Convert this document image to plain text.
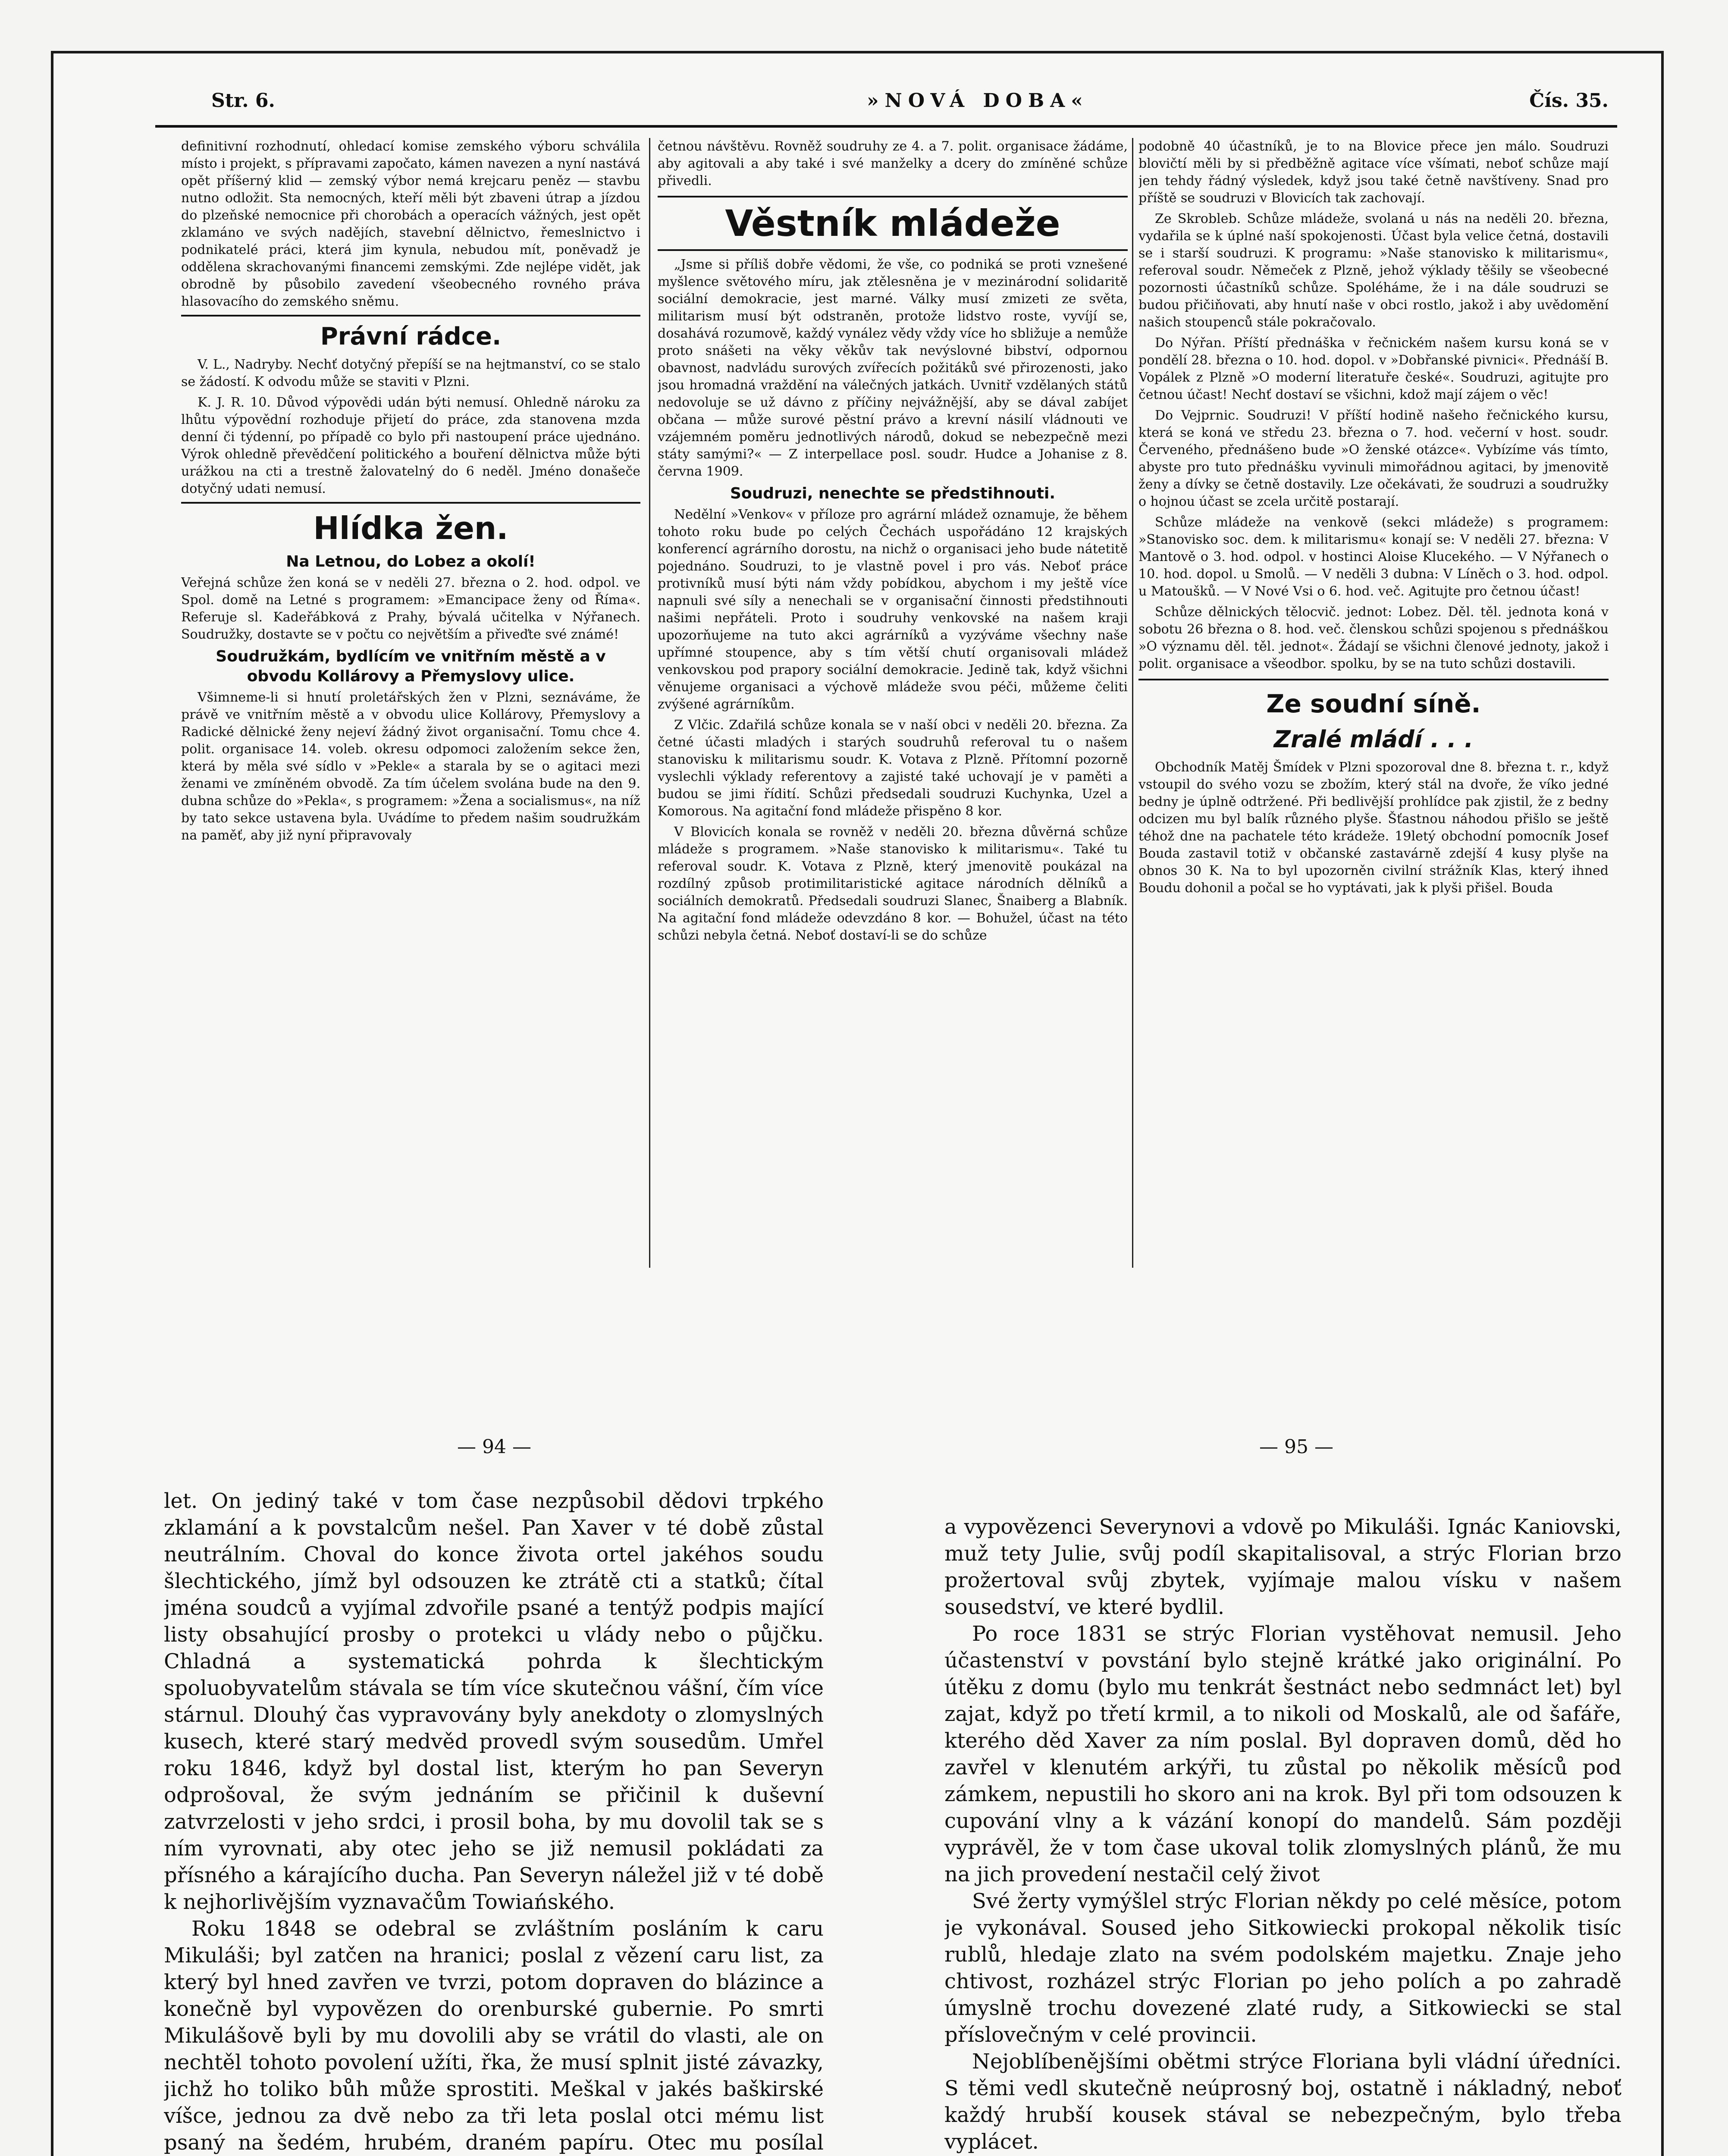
Str. 6.	»NOVÁ DOBA«	Čís. 35.

definitivní rozhodnutí, ohledací komise zemského výboru schválila místo i projekt, s přípravami započato, kámen navezen a nyní nastává opět příšerný klid — zemský výbor nemá krejcaru peněz — stavbu nutno odložit. Sta nemocných, kteří měli být zbaveni útrap a jízdou do plzeňské nemocnice při chorobách a operacích vážných, jest opět zklamáno ve svých nadějích, stavební dělnictvo, řemeslnictvo i podnikatelé práci, která jim kynula, nebudou mít, poněvadž je oddělena skrachovanými financemi zemskými. Zde nejlépe vidět, jak obrodně by působilo zavedení všeobecného rovného práva hlasovacího do zemského sněmu.

Právní rádce.

V. L., Nadryby. Nechť dotyčný přepíší se na hejtmanství, co se stalo se žádostí. K odvodu může se staviti v Plzni.

K. J. R. 10. Důvod výpovědi udán býti nemusí. Ohledně nároku za lhůtu výpovědní rozhoduje přijetí do práce, zda stanovena mzda denní či týdenní, po případě co bylo při nastoupení práce ujednáno. Výrok ohledně převědčení politického a bouření dělnictva může býti urážkou na cti a trestně žalovatelný do 6 neděl. Jméno donašeče dotyčný udati nemusí.

Hlídka žen.
Na Letnou, do Lobez a okolí!

Veřejná schůze žen koná se v neděli 27. března o 2. hod. odpol. ve Spol. domě na Letné s programem: »Emancipace ženy od Říma«. Referuje sl. Kadeřábková z Prahy, bývalá učitelka v Nýřanech. Soudružky, dostavte se v počtu co největším a přiveďte své známé!

Soudružkám, bydlícím ve vnitřním městě a v obvodu Kollárovy a Přemyslovy ulice.

Všimneme-li si hnutí proletářských žen v Plzni, seznáváme, že právě ve vnitřním městě a v obvodu ulice Kollárovy, Přemyslovy a Radické dělnické ženy nejeví žádný život organisační. Tomu chce 4. polit. organisace 14. voleb. okresu odpomoci založením sekce žen, která by měla své sídlo v »Pekle« a starala by se o agitaci mezi ženami ve zmíněném obvodě. Za tím účelem svolána bude na den 9. dubna schůze do »Pekla«, s programem: »Žena a socialismus«, na níž by tato sekce ustavena byla. Uvádíme to předem našim soudružkám na paměť, aby již nyní připravovaly

četnou návštěvu. Rovněž soudruhy ze 4. a 7. polit. organisace žádáme, aby agitovali a aby také i své manželky a dcery do zmíněné schůze přivedli.

Věstník mládeže

„Jsme si příliš dobře vědomi, že vše, co podniká se proti vznešené myšlence světového míru, jak ztělesněna je v mezinárodní solidaritě sociální demokracie, jest marné. Války musí zmizeti ze světa, militarism musí být odstraněn, protože lidstvo roste, vyvíjí se, dosahává rozumově, každý vynález vědy vždy více ho sbližuje a nemůže proto snášeti na věky věkův tak nevýslovné bibství, odpornou obavnost, nadvládu surových zvířecích požitáků své přirozenosti, jako jsou hromadná vraždění na válečných jatkách. Uvnitř vzdělaných států nedovoluje se už dávno z příčiny nejvážnější, aby se dával zabíjet občana — může surové pěstní právo a krevní násilí vládnouti ve vzájemném poměru jednotlivých národů, dokud se nebezpečně mezi státy samými?« — Z interpellace posl. soudr. Hudce a Johanise z 8. června 1909.

Soudruzi, nenechte se předstihnouti.

Nedělní »Venkov« v příloze pro agrární mládež oznamuje, že během tohoto roku bude po celých Čechách uspořádáno 12 krajských konferencí agrárního dorostu, na nichž o organisaci jeho bude nátetitě pojednáno. Soudruzi, to je vlastně povel i pro vás. Neboť práce protivníků musí býti nám vždy pobídkou, abychom i my ještě více napnuli své síly a nenechali se v organisační činnosti předstihnouti našimi nepřáteli. Proto i soudruhy venkovské na našem kraji upozorňujeme na tuto akci agrárníků a vyzýváme všechny naše upřímné stoupence, aby s tím větší chutí organisovali mládež venkovskou pod prapory sociální demokracie. Jedině tak, když všichni věnujeme organisaci a výchově mládeže svou péči, můžeme čeliti zvýšené agrárníkům.

Z Vlčic. Zdařilá schůze konala se v naší obci v neděli 20. března. Za četné účasti mladých i starých soudruhů referoval tu o našem stanovisku k militarismu soudr. K. Votava z Plzně. Přítomní pozorně vyslechli výklady referentovy a zajisté také uchovají je v paměti a budou se jimi řídití. Schůzi předsedali soudruzi Kuchynka, Uzel a Komorous. Na agitační fond mládeže přispěno 8 kor.

V Blovicích konala se rovněž v neděli 20. března důvěrná schůze mládeže s programem. »Naše stanovisko k militarismu«. Také tu referoval soudr. K. Votava z Plzně, který jmenovitě poukázal na rozdílný způsob protimilitaristické agitace národních dělníků a sociálních demokratů. Předsedali soudruzi Slanec, Šnaiberg a Blabník. Na agitační fond mládeže odevzdáno 8 kor. — Bohužel, účast na této schůzi nebyla četná. Neboť dostaví-li se do schůze

podobně 40 účastníků, je to na Blovice přece jen málo. Soudruzi blovičtí měli by si předběžně agitace více všímati, neboť schůze mají jen tehdy řádný výsledek, když jsou také četně navštíveny. Snad pro příště se soudruzi v Blovicích tak zachovají.

Ze Skrobleb. Schůze mládeže, svolaná u nás na neděli 20. března, vydařila se k úplné naší spokojenosti. Účast byla velice četná, dostavili se i starší soudruzi. K programu: »Naše stanovisko k militarismu«, referoval soudr. Němeček z Plzně, jehož výklady těšily se všeobecné pozornosti účastníků schůze. Spoléháme, že i na dále soudruzi se budou přičiňovati, aby hnutí naše v obci rostlo, jakož i aby uvědomění našich stoupenců stále pokračovalo.

Do Nýřan. Příští přednáška v řečnickém našem kursu koná se v pondělí 28. března o 10. hod. dopol. v »Dobřanské pivnici«. Přednáší B. Vopálek z Plzně »O moderní literatuře české«. Soudruzi, agitujte pro četnou účast! Nechť dostaví se všichni, kdož mají zájem o věc!

Do Vejprnic. Soudruzi! V příští hodině našeho řečnického kursu, která se koná ve středu 23. března o 7. hod. večerní v host. soudr. Červeného, přednášeno bude »O ženské otázce«. Vybízíme vás tímto, abyste pro tuto přednášku vyvinuli mimořádnou agitaci, by jmenovitě ženy a dívky se četně dostavily. Lze očekávati, že soudruzi a soudružky o hojnou účast se zcela určitě postarají.

Schůze mládeže na venkově (sekci mládeže) s programem: »Stanovisko soc. dem. k militarismu« konají se: V neděli 27. března: V Mantově o 3. hod. odpol. v hostinci Aloise Klucekého. — V Nýřanech o 10. hod. dopol. u Smolů. — V neděli 3 dubna: V Líněch o 3. hod. odpol. u Matoušků. — V Nové Vsi o 6. hod. več. Agitujte pro četnou účast!

Schůze dělnických tělocvič. jednot: Lobez. Děl. těl. jednota koná v sobotu 26 března o 8. hod. več. členskou schůzi spojenou s přednáškou »O významu děl. těl. jednot«. Žádají se všichni členové jednoty, jakož i polit. organisace a všeodbor. spolku, by se na tuto schůzi dostavili.

Ze soudní síně.
Zralé mládí . . .

Obchodník Matěj Šmídek v Plzni spozoroval dne 8. března t. r., když vstoupil do svého vozu se zbožím, který stál na dvoře, že víko jedné bedny je úplně odtržené. Při bedlivější prohlídce pak zjistil, že z bedny odcizen mu byl balík různého plyše. Šťastnou náhodou přišlo se ještě téhož dne na pachatele této krádeže. 19letý obchodní pomocník Josef Bouda zastavil totiž v občanské zastavárně zdejší 4 kusy plyše na obnos 30 K. Na to byl upozorněn civilní strážník Klas, který ihned Boudu dohonil a počal se ho vyptávati, jak k plyši přišel. Bouda

— 94 —	— 95 —

let. On jediný také v tom čase nezpůsobil dědovi trpkého zklamání a k povstalcům nešel. Pan Xaver v té době zůstal neutrálním. Choval do konce života ortel jakéhos soudu šlechtického, jímž byl odsouzen ke ztrátě cti a statků; čítal jména soudců a vyjímal zdvořile psané a tentýž podpis mající listy obsahující prosby o protekci u vlády nebo o půjčku. Chladná a systematická pohrda k šlechtickým spoluobyvatelům stávala se tím více skutečnou vášní, čím více stárnul. Dlouhý čas vypravovány byly anekdoty o zlomyslných kusech, které starý medvěd provedl svým sousedům. Umřel roku 1846, když byl dostal list, kterým ho pan Severyn odprošoval, že svým jednáním se přičinil k duševní zatvrzelosti v jeho srdci, i prosil boha, by mu dovolil tak se s ním vyrovnati, aby otec jeho se již nemusil pokládati za přísného a kárajícího ducha. Pan Severyn náležel již v té době k nejhorlivějším vyznavačům Towiańského.

Roku 1848 se odebral se zvláštním posláním k caru Mikuláši; byl zatčen na hranici; poslal z vězení caru list, za který byl hned zavřen ve tvrzi, potom dopraven do blázince a konečně byl vypovězen do orenburské gubernie. Po smrti Mikulášově byli by mu dovolili aby se vrátil do vlasti, ale on nechtěl tohoto povolení užíti, řka, že musí splnit jisté závazky, jichž ho toliko bůh může sprostiti. Meškal v jakés baškirské víšce, jednou za dvě nebo za tři leta poslal otci mému list psaný na šedém, hrubém, draném papíru. Otec mu posílal

a vypovězenci Severynovi a vdově po Mikuláši. Ignác Kaniovski, muž tety Julie, svůj podíl skapitalisoval, a strýc Florian brzo prožertoval svůj zbytek, vyjímaje malou vísku v našem sousedství, ve které bydlil.

Po roce 1831 se strýc Florian vystěhovat nemusil. Jeho účastenství v povstání bylo stejně krátké jako originální. Po útěku z domu (bylo mu tenkrát šestnáct nebo sedmnáct let) byl zajat, když po třetí krmil, a to nikoli od Moskalů, ale od šafáře, kterého děd Xaver za ním poslal. Byl dopraven domů, děd ho zavřel v klenutém arkýři, tu zůstal po několik měsíců pod zámkem, nepustili ho skoro ani na krok. Byl při tom odsouzen k cupování vlny a k vázání konopí do mandelů. Sám později vyprávěl, že v tom čase ukoval tolik zlomyslných plánů, že mu na jich provedení nestačil celý život

Své žerty vymýšlel strýc Florian někdy po celé měsíce, potom je vykonával. Soused jeho Sitkowiecki prokopal několik tisíc rublů, hledaje zlato na svém podolském majetku. Znaje jeho chtivost, rozházel strýc Florian po jeho polích a po zahradě úmyslně trochu dovezené zlaté rudy, a Sitkowiecki se stal příslovečným v celé provincii.

Nejoblíbenějšími obětmi strýce Floriana byli vládní úředníci. S těmi vedl skutečně neúprosný boj, ostatně i nákladný, neboť každý hrubší kousek stával se nebezpečným, bylo třeba vyplácet.
